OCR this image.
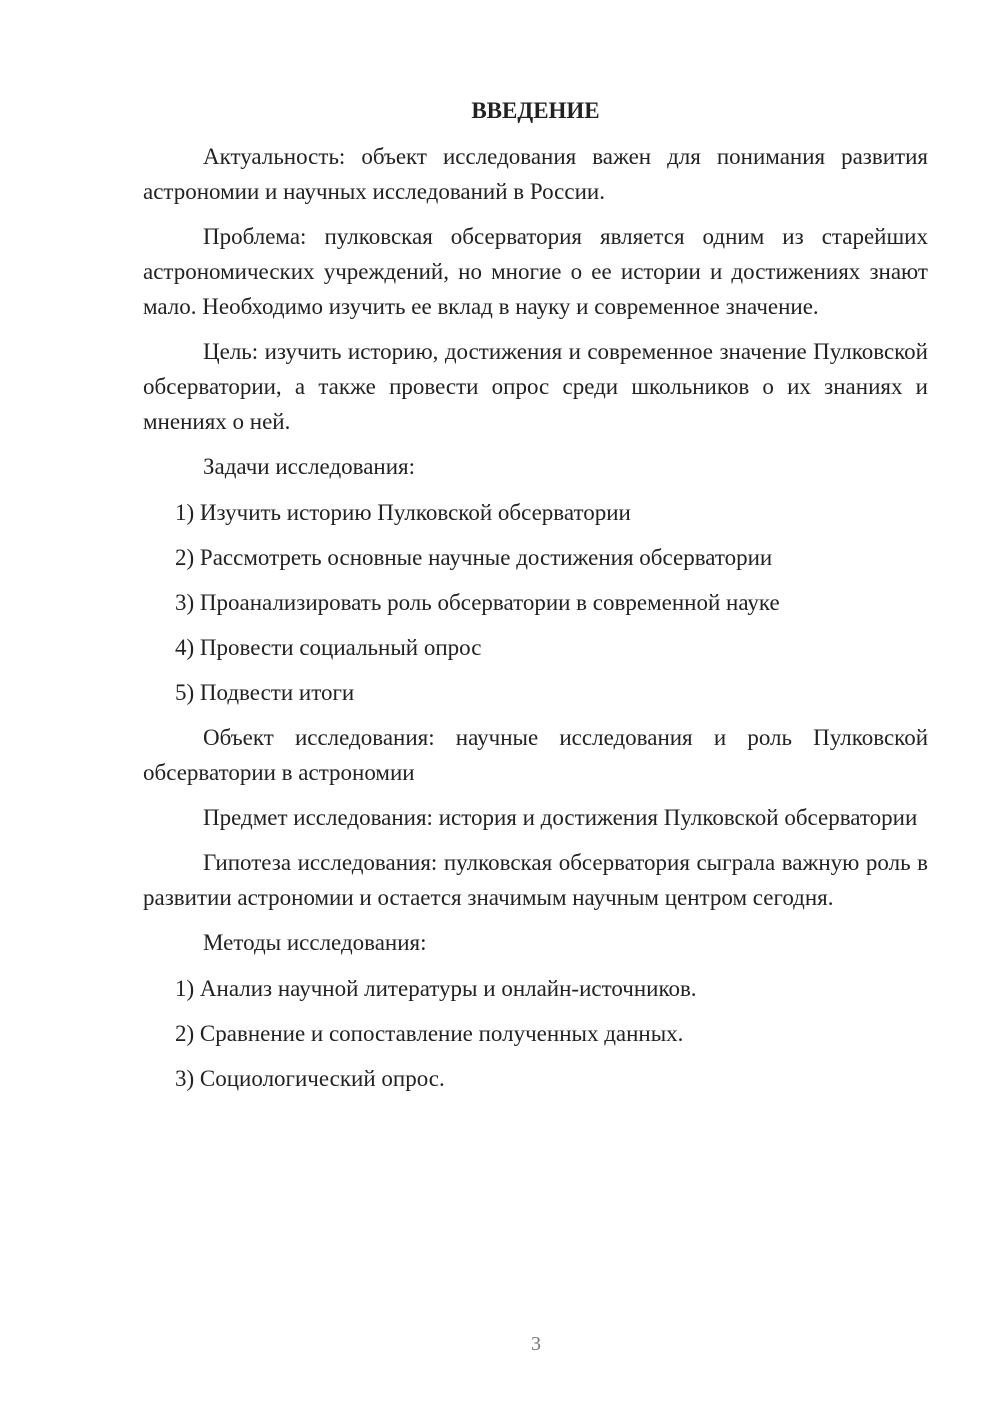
ВВЕДЕНИЕ

Актуальность: объект исследования важен для понимания развития астрономии и научных исследований в России.

Проблема: пулковская обсерватория является одним из старейших астрономических учреждений, но многие о ее истории и достижениях знают мало. Необходимо изучить ее вклад в науку и современное значение.

Цель: изучить историю, достижения и современное значение Пулковской обсерватории, а также провести опрос среди школьников о их знаниях и мнениях о ней.

Задачи исследования:

1) Изучить историю Пулковской обсерватории
2) Рассмотреть основные научные достижения обсерватории
3) Проанализировать роль обсерватории в современной науке
4) Провести социальный опрос
5) Подвести итоги

Объект исследования: научные исследования и роль Пулковской обсерватории в астрономии

Предмет исследования: история и достижения Пулковской обсерватории

Гипотеза исследования: пулковская обсерватория сыграла важную роль в развитии астрономии и остается значимым научным центром сегодня.

Методы исследования:

1) Анализ научной литературы и онлайн-источников.
2) Сравнение и сопоставление полученных данных.
3) Социологический опрос.
3
